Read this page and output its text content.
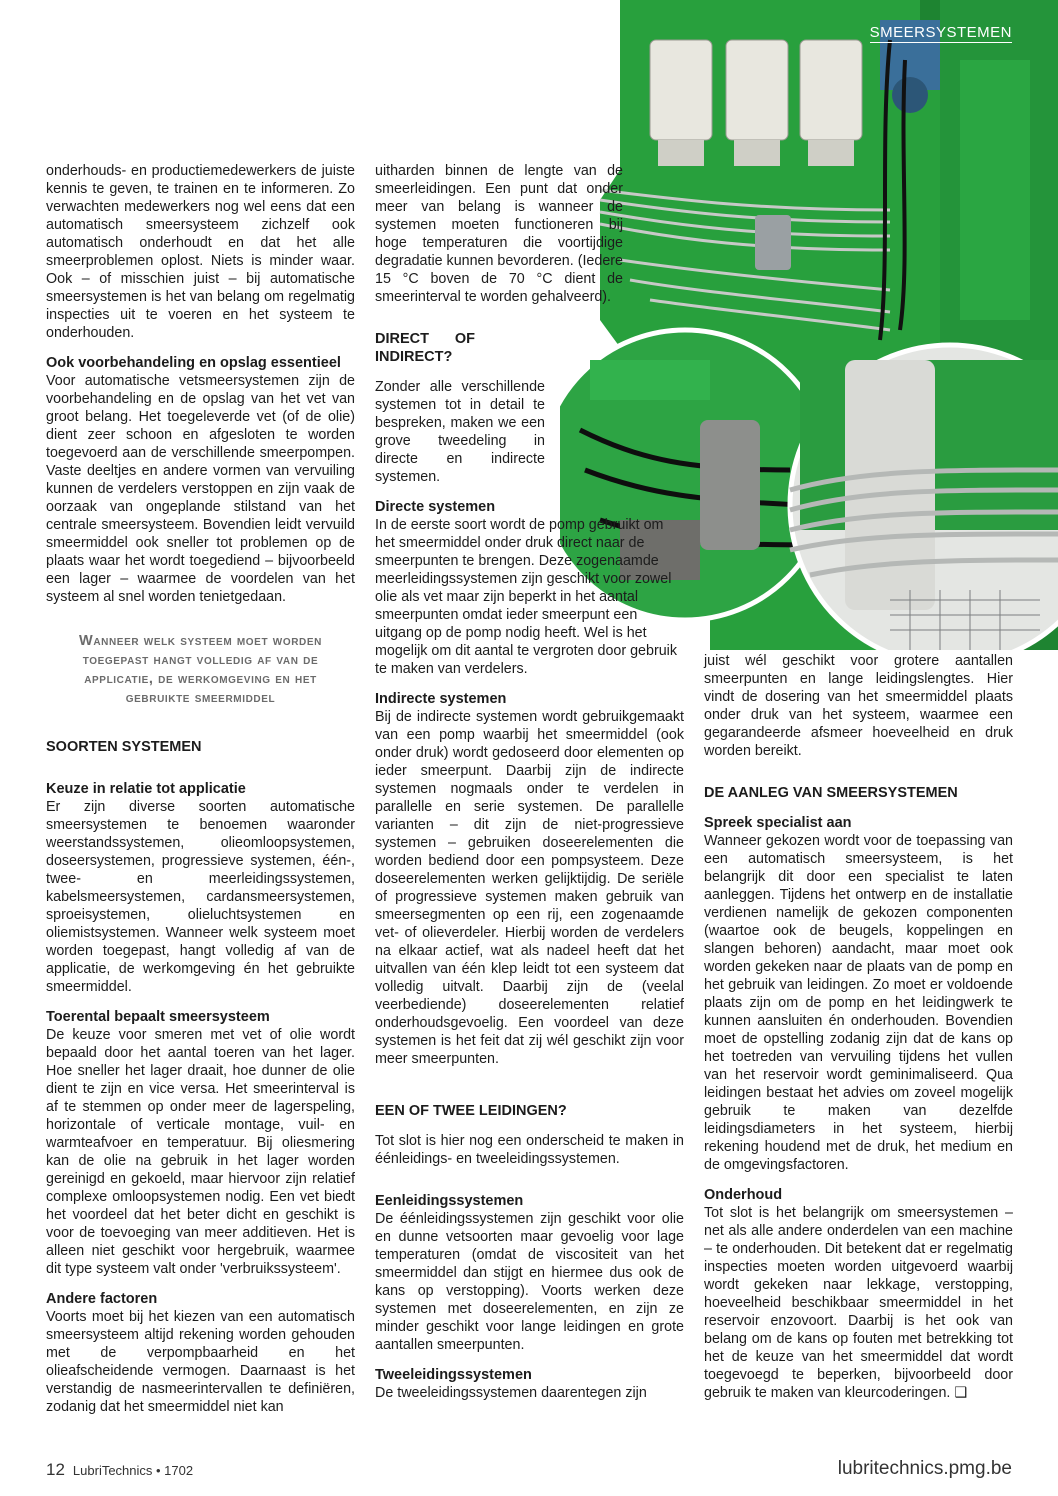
SMEERSYSTEMEN

onderhouds- en productiemedewerkers de juiste kennis te geven, te trainen en te informeren. Zo verwachten medewerkers nog wel eens dat een automatisch smeersysteem zichzelf ook automatisch onderhoudt en dat het alle smeerproblemen oplost. Niets is minder waar. Ook – of misschien juist – bij automatische smeersystemen is het van belang om regelmatig inspecties uit te voeren en het systeem te onderhouden.

Ook voorbehandeling en opslag essentieel

Voor automatische vetsmeersystemen zijn de voorbehandeling en de opslag van het vet van groot belang. Het toegeleverde vet (of de olie) dient zeer schoon en afgesloten te worden toegevoerd aan de verschillende smeerpompen. Vaste deeltjes en andere vormen van vervuiling kunnen de verdelers verstoppen en zijn vaak de oorzaak van ongeplande stilstand van het centrale smeersysteem. Bovendien leidt vervuild smeermiddel ook sneller tot problemen op de plaats waar het wordt toegediend – bijvoorbeeld een lager – waarmee de voordelen van het systeem al snel worden tenietgedaan.

Wanneer welk systeem moet worden toegepast hangt volledig af van de applicatie, de werkomgeving en het gebruikte smeermiddel
SOORTEN SYSTEMEN
Keuze in relatie tot applicatie

Er zijn diverse soorten automatische smeersystemen te benoemen waaronder weerstandssystemen, olieomloopsystemen, doseersystemen, progressieve systemen, één-, twee- en meerleidingssystemen, kabelsmeersystemen, cardansmeersystemen, sproeisystemen, olieluchtsystemen en oliemistsystemen. Wanneer welk systeem moet worden toegepast, hangt volledig af van de applicatie, de werkomgeving én het gebruikte smeermiddel.

Toerental bepaalt smeersysteem

De keuze voor smeren met vet of olie wordt bepaald door het aantal toeren van het lager. Hoe sneller het lager draait, hoe dunner de olie dient te zijn en vice versa. Het smeerinterval is af te stemmen op onder meer de lagerspeling, horizontale of verticale montage, vuil- en warmteafvoer en temperatuur. Bij oliesmering kan de olie na gebruik in het lager worden gereinigd en gekoeld, maar hiervoor zijn relatief complexe omloopsystemen nodig. Een vet biedt het voordeel dat het beter dicht en geschikt is voor de toevoeging van meer additieven. Het is alleen niet geschikt voor hergebruik, waarmee dit type systeem valt onder 'verbruikssysteem'.

Andere factoren

Voorts moet bij het kiezen van een automatisch smeersysteem altijd rekening worden gehouden met de verpompbaarheid en het olieafscheidende vermogen. Daarnaast is het verstandig de nasmeerintervallen te definiëren, zodanig dat het smeermiddel niet kan

uitharden binnen de lengte van de smeerleidingen. Een punt dat onder meer van belang is wanneer de systemen moeten functioneren bij hoge temperaturen die voortijdige degradatie kunnen bevorderen. (Iedere 15 °C boven de 70 °C dient de smeerinterval te worden gehalveerd).

DIRECT OF INDIRECT?

Zonder alle verschillende systemen tot in detail te bespreken, maken we een grove tweedeling in directe en indirecte systemen.

Directe systemen

In de eerste soort wordt de pomp gebruikt om het smeermiddel onder druk direct naar de smeerpunten te brengen. Deze zogenaamde meerleidingssystemen zijn geschikt voor zowel olie als vet maar zijn beperkt in het aantal smeerpunten omdat ieder smeerpunt een uitgang op de pomp nodig heeft. Wel is het mogelijk om dit aantal te vergroten door gebruik te maken van verdelers.

Indirecte systemen

Bij de indirecte systemen wordt gebruikgemaakt van een pomp waarbij het smeermiddel (ook onder druk) wordt gedoseerd door elementen op ieder smeerpunt. Daarbij zijn de indirecte systemen nogmaals onder te verdelen in parallelle en serie systemen. De parallelle varianten – dit zijn de niet-progressieve systemen – gebruiken doseerelementen die worden bediend door een pompsysteem. Deze doseerelementen werken gelijktijdig. De seriële of progressieve systemen maken gebruik van smeersegmenten op een rij, een zogenaamde vet- of olieverdeler. Hierbij worden de verdelers na elkaar actief, wat als nadeel heeft dat het uitvallen van één klep leidt tot een systeem dat volledig uitvalt. Daarbij zijn de (veelal veerbediende) doseerelementen relatief onderhoudsgevoelig. Een voordeel van deze systemen is het feit dat zij wél geschikt zijn voor meer smeerpunten.

EEN OF TWEE LEIDINGEN?

Tot slot is hier nog een onderscheid te maken in éénleidings- en tweeleidingssystemen.

Eenleidingssystemen

De éénleidingssystemen zijn geschikt voor olie en dunne vetsoorten maar gevoelig voor lage temperaturen (omdat de viscositeit van het smeermiddel dan stijgt en hiermee dus ook de kans op verstopping). Voorts werken deze systemen met doseerelementen, en zijn ze minder geschikt voor lange leidingen en grote aantallen smeerpunten.

Tweeleidingssystemen

De tweeleidingssystemen daarentegen zijn

juist wél geschikt voor grotere aantallen smeerpunten en lange leidingslengtes. Hier vindt de dosering van het smeermiddel plaats onder druk van het systeem, waarmee een gegarandeerde afsmeer hoeveelheid en druk worden bereikt.

DE AANLEG VAN SMEERSYSTEMEN
Spreek specialist aan

Wanneer gekozen wordt voor de toepassing van een automatisch smeersysteem, is het belangrijk dit door een specialist te laten aanleggen. Tijdens het ontwerp en de installatie verdienen namelijk de gekozen componenten (waartoe ook de beugels, koppelingen en slangen behoren) aandacht, maar moet ook worden gekeken naar de plaats van de pomp en het gebruik van leidingen. Zo moet er voldoende plaats zijn om de pomp en het leidingwerk te kunnen aansluiten én onderhouden. Bovendien moet de opstelling zodanig zijn dat de kans op het toetreden van vervuiling tijdens het vullen van het reservoir wordt geminimaliseerd. Qua leidingen bestaat het advies om zoveel mogelijk gebruik te maken van dezelfde leidingsdiameters in het systeem, hierbij rekening houdend met de druk, het medium en de omgevingsfactoren.

Onderhoud

Tot slot is het belangrijk om smeersystemen – net als alle andere onderdelen van een machine – te onderhouden. Dit betekent dat er regelmatig inspecties moeten worden uitgevoerd waarbij wordt gekeken naar lekkage, verstopping, hoeveelheid beschikbaar smeermiddel in het reservoir enzovoort. Daarbij is het ook van belang om de kans op fouten met betrekking tot het de keuze van het smeermiddel dat wordt toegevoegd te beperken, bijvoorbeeld door gebruik te maken van kleurcoderingen. ❑

12 LubriTechnics • 1702	lubritechnics.pmg.be
